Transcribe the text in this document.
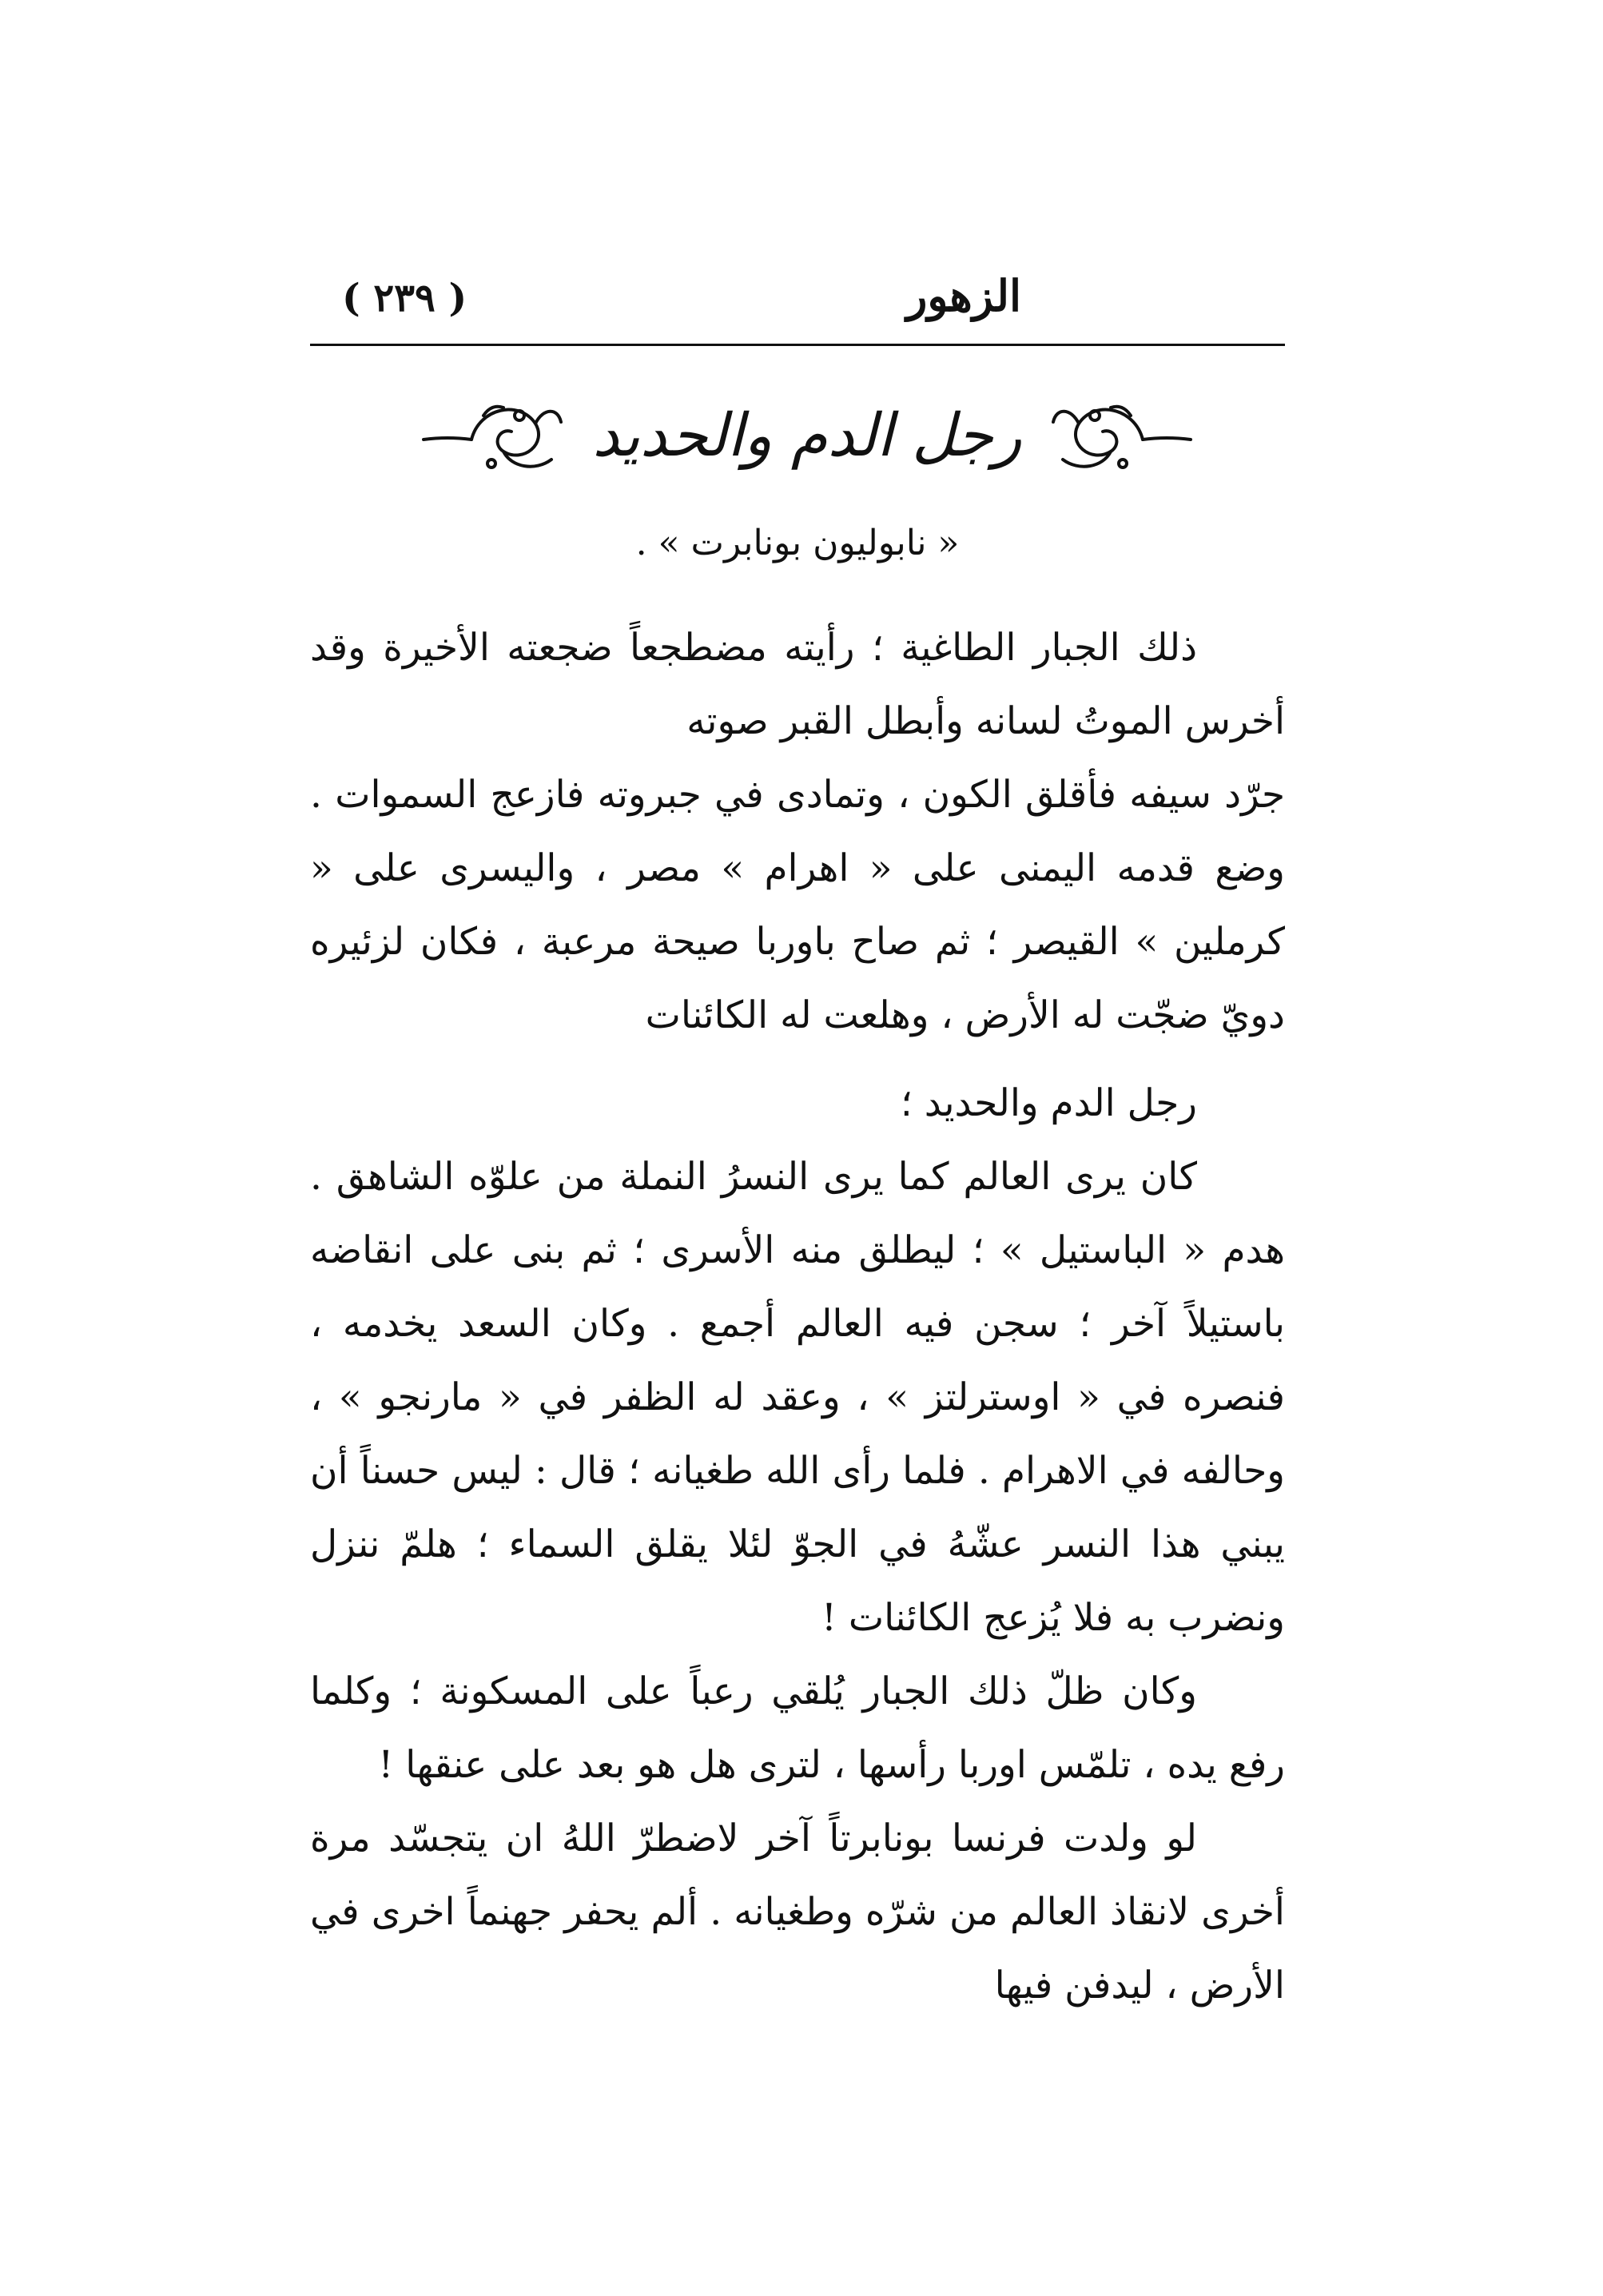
الزهور
( ٢٣٩ )
رجل الدم والحديد
« نابوليون بونابرت » .

ذلك الجبار الطاغية ؛ رأيته مضطجعاً ضجعته الأخيرة وقد أخرس الموتُ لسانه وأبطل القبر صوته

جرّد سيفه فأقلق الكون ، وتمادى في جبروته فازعج السموات . وضع قدمه اليمنى على « اهرام » مصر ، واليسرى على « كرملين » القيصر ؛ ثم صاح باوربا صيحة مرعبة ، فكان لزئيره دويّ ضجّت له الأرض ، وهلعت له الكائنات

رجل الدم والحديد ؛

كان يرى العالم كما يرى النسرُ النملة من علوّه الشاهق . هدم « الباستيل » ؛ ليطلق منه الأسرى ؛ ثم بنى على انقاضه باستيلاً آخر ؛ سجن فيه العالم أجمع . وكان السعد يخدمه ، فنصره في « اوسترلتز » ، وعقد له الظفر في « مارنجو » ، وحالفه في الاهرام . فلما رأى الله طغيانه ؛ قال : ليس حسناً أن يبني هذا النسر عشّهُ في الجوّ لئلا يقلق السماء ؛ هلمّ ننزل ونضرب به فلا يُزعج الكائنات !

وكان ظلّ ذلك الجبار يُلقي رعباً على المسكونة ؛ وكلما رفع يده ، تلمّس اوربا رأسها ، لترى هل هو بعد على عنقها !

لو ولدت فرنسا بونابرتاً آخر لاضطرّ اللهُ ان يتجسّد مرة أخرى لانقاذ العالم من شرّه وطغيانه . ألم يحفر جهنماً اخرى في الأرض ، ليدفن فيها
